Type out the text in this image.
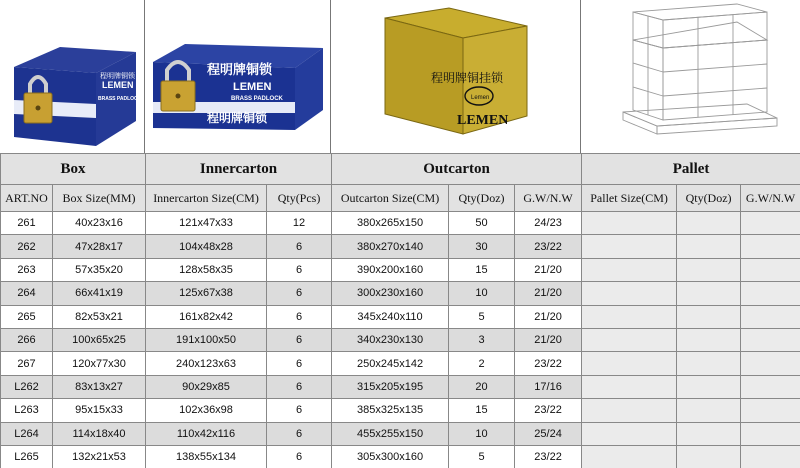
LEMEN
BRASS PADLOCK
程明牌铜锁	程明牌铜锁
LEMEN
BRASS PADLOCK
程明牌铜锁
程明牌铜挂锁
Lemen
LEMEN
Box		Innercarton		Outcarton			Pallet		
ART.NO	Box Size(MM)	Innercarton Size(CM)	Qty(Pcs)	Outcarton Size(CM)	Qty(Doz)	G.W/N.W	Pallet Size(CM)	Qty(Doz)	G.W/N.W
261	40x23x16	121x47x33	12	380x265x150	50	24/23			
262	47x28x17	104x48x28	6	380x270x140	30	23/22			
263	57x35x20	128x58x35	6	390x200x160	15	21/20			
264	66x41x19	125x67x38	6	300x230x160	10	21/20			
265	82x53x21	161x82x42	6	345x240x110	5	21/20			
266	100x65x25	191x100x50	6	340x230x130	3	21/20			
267	120x77x30	240x123x63	6	250x245x142	2	23/22			
L262	83x13x27	90x29x85	6	315x205x195	20	17/16			
L263	95x15x33	102x36x98	6	385x325x135	15	23/22			
L264	114x18x40	110x42x116	6	455x255x150	10	25/24			
L265	132x21x53	138x55x134	6	305x300x160	5	23/22			
